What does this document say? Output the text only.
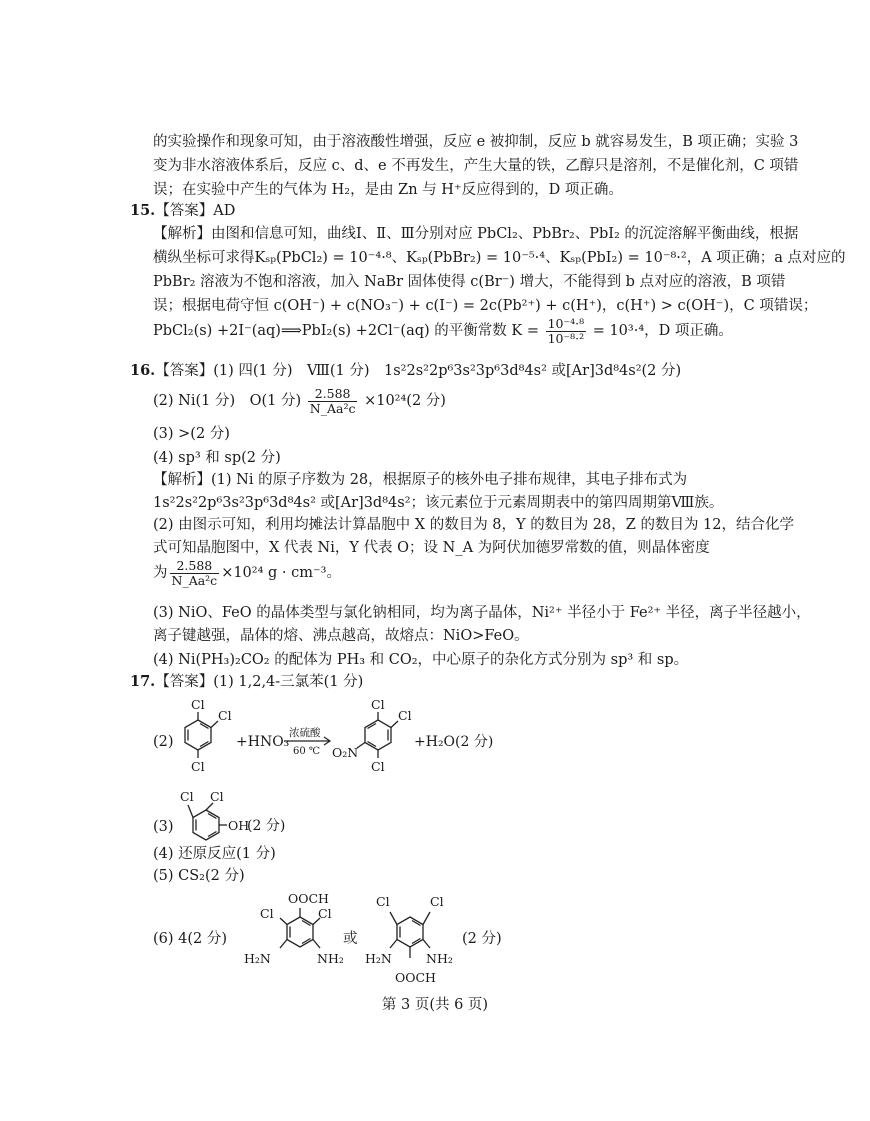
的实验操作和现象可知，由于溶液酸性增强，反应 e 被抑制，反应 b 就容易发生，B 项正确；实验 3
变为非水溶液体系后，反应 c、d、e 不再发生，产生大量的铁，乙醇只是溶剂，不是催化剂，C 项错
误；在实验中产生的气体为 H₂，是由 Zn 与 H⁺反应得到的，D 项正确。
15.【答案】AD
【解析】由图和信息可知，曲线Ⅰ、Ⅱ、Ⅲ分别对应 PbCl₂、PbBr₂、PbI₂ 的沉淀溶解平衡曲线，根据
横纵坐标可求得Kₛₚ(PbCl₂) = 10⁻⁴·⁸、Kₛₚ(PbBr₂) = 10⁻⁵·⁴、Kₛₚ(PbI₂) = 10⁻⁸·²，A 项正确；a 点对应的
PbBr₂ 溶液为不饱和溶液，加入 NaBr 固体使得 c(Br⁻) 增大，不能得到 b 点对应的溶液，B 项错
误；根据电荷守恒 c(OH⁻) + c(NO₃⁻) + c(I⁻) = 2c(Pb²⁺) + c(H⁺)，c(H⁺) > c(OH⁻)，C 项错误；
PbCl₂(s) +2I⁻(aq)⟹PbI₂(s) +2Cl⁻(aq) 的平衡常数 $K = \frac{\text{10⁻⁴·⁸}}{\text{10⁻⁸·²}} = 10^3\cdot^4$，D 项正确。
16.【答案】(1) 四(1 分)　Ⅷ(1 分)　1s²2s²2p⁶3s²3p⁶3d⁸4s² 或[Ar]3d⁸4s²(2 分)
(2) Ni(1 分)　O(1 分) $\frac{2.588}{\text{N\_Aa²c}} \times 10^{24}(2$ 分)
(3) >(2 分)
(4) sp³ 和 sp(2 分)
【解析】(1) Ni 的原子序数为 28，根据原子的核外电子排布规律，其电子排布式为
1s²2s²2p⁶3s²3p⁶3d⁸4s² 或[Ar]3d⁸4s²；该元素位于元素周期表中的第四周期第Ⅷ族。
(2) 由图示可知，利用均摊法计算晶胞中 X 的数目为 8，Y 的数目为 28，Z 的数目为 12，结合化学
式可知晶胞图中，X 代表 Ni，Y 代表 O；设 N_A 为阿伏加德罗常数的值，则晶体密度
为 $\frac{2.588}{\text{N\_Aa²c}} \times 10^{24}$ g · cm⁻³。
(3) NiO、FeO 的晶体类型与氯化钠相同，均为离子晶体，Ni²⁺ 半径小于 Fe²⁺ 半径，离子半径越小，
离子键越强，晶体的熔、沸点越高，故熔点：NiO>FeO。
(4) Ni(PH₃)₂CO₂ 的配体为 PH₃ 和 CO₂，中心原子的杂化方式分别为 sp³ 和 sp。
17.【答案】(1) 1,2,4-三氯苯(1 分)
(2)
Cl
Cl
Cl
+HNO₃
浓硫酸
60 ℃
Cl
Cl
Cl
O₂N
+H₂O(2 分)
(3)
Cl Cl
OH
(2 分)
(4) 还原反应(1 分)
(5) CS₂(2 分)
(6) 4(2 分)
OOCH
Cl	Cl
H₂N	NH₂
或
Cl	Cl
H₂N	NH₂
OOCH
(2 分)
第 3 页(共 6 页)
